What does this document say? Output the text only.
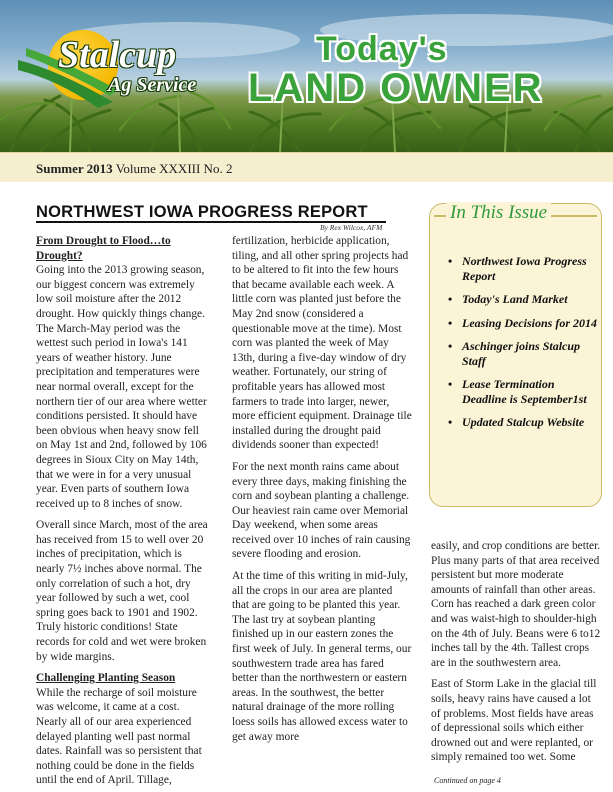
Stalcup
Ag Service
Today's
LAND OWNER
Summer 2013 Volume XXXIII No. 2
NORTHWEST IOWA PROGRESS REPORT
By Rex Wilcox, AFM
From Drought to Flood…to Drought?

Going into the 2013 growing season, our biggest concern was extremely low soil moisture after the 2012 drought. How quickly things change. The March-May period was the wettest such period in Iowa's 141 years of weather history. June precipitation and temperatures were near normal overall, except for the northern tier of our area where wetter conditions persisted. It should have been obvious when heavy snow fell on May 1st and 2nd, followed by 106 degrees in Sioux City on May 14th, that we were in for a very unusual year. Even parts of southern Iowa received up to 8 inches of snow.

Overall since March, most of the area has received from 15 to well over 20 inches of precipitation, which is nearly 7½ inches above normal. The only correlation of such a hot, dry year followed by such a wet, cool spring goes back to 1901 and 1902. Truly historic conditions! State records for cold and wet were broken by wide margins.

Challenging Planting Season

While the recharge of soil moisture was welcome, it came at a cost. Nearly all of our area experienced delayed planting well past normal dates. Rainfall was so persistent that nothing could be done in the fields until the end of April. Tillage,

fertilization, herbicide application, tiling, and all other spring projects had to be altered to fit into the few hours that became available each week. A little corn was planted just before the May 2nd snow (considered a questionable move at the time). Most corn was planted the week of May 13th, during a five-day window of dry weather. Fortunately, our string of profitable years has allowed most farmers to trade into larger, newer, more efficient equipment. Drainage tile installed during the drought paid dividends sooner than expected!

For the next month rains came about every three days, making finishing the corn and soybean planting a challenge. Our heaviest rain came over Memorial Day weekend, when some areas received over 10 inches of rain causing severe flooding and erosion.

At the time of this writing in mid-July, all the crops in our area are planted that are going to be planted this year. The last try at soybean planting finished up in our eastern zones the first week of July. In general terms, our southwestern trade area has fared better than the northwestern or eastern areas. In the southwest, the better natural drainage of the more rolling loess soils has allowed excess water to get away more

In This Issue
• Northwest Iowa Progress Report
• Today's Land Market
• Leasing Decisions for 2014
• Aschinger joins Stalcup Staff
• Lease Termination Deadline is September1st
• Updated Stalcup Website

easily, and crop conditions are better. Plus many parts of that area received persistent but more moderate amounts of rainfall than other areas. Corn has reached a dark green color and was waist-high to shoulder-high on the 4th of July. Beans were 6 to12 inches tall by the 4th. Tallest crops are in the southwestern area.

East of Storm Lake in the glacial till soils, heavy rains have caused a lot of problems. Most fields have areas of depressional soils which either drowned out and were replanted, or simply remained too wet. Some

Continued on page 4
